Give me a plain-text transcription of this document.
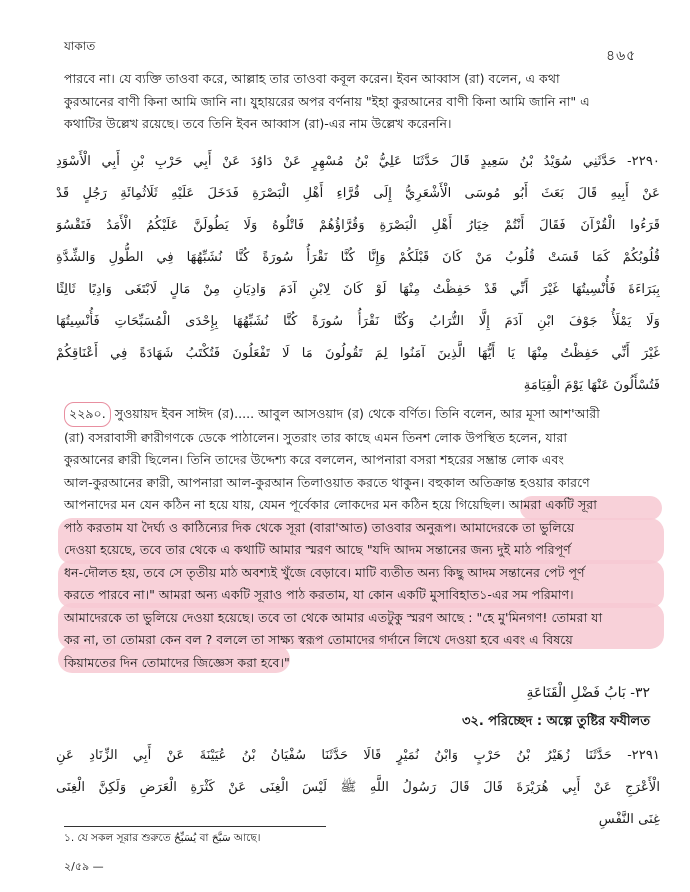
যাকাত
৪৬৫
পারবে না। যে ব্যক্তি তাওবা করে, আল্লাহ তার তাওবা কবূল করেন। ইবন আব্বাস (রা) বলেন, এ কথা
কুরআনের বাণী কিনা আমি জানি না। যুহায়রের অপর বর্ণনায় "ইহা কুরআনের বাণী কিনা আমি জানি না" এ
কথাটির উল্লেখ রয়েছে। তবে তিনি ইবন আব্বাস (রা)-এর নাম উল্লেখ করেননি।
٢٢٩٠- حَدَّثَنِي سُوَيْدُ بْنُ سَعِيدٍ قَالَ حَدَّثَنَا عَلِيُّ بْنُ مُسْهِرٍ عَنْ دَاوُدَ عَنْ أَبِي حَرْبِ بْنِ أَبِي الْأَسْوَدِ
عَنْ أَبِيهِ قَالَ بَعَثَ أَبُو مُوسَى الْأَشْعَرِيُّ إِلَى قُرَّاءِ أَهْلِ الْبَصْرَةِ فَدَخَلَ عَلَيْهِ ثَلَاثُمِائَةِ رَجُلٍ قَدْ
قَرَءُوا الْقُرْآنَ فَقَالَ أَنْتُمْ خِيَارُ أَهْلِ الْبَصْرَةِ وَقُرَّاؤُهُمْ فَاتْلُوهُ وَلَا يَطُولَنَّ عَلَيْكُمُ الْأَمَدُ فَتَقْسُوَ
قُلُوبُكُمْ كَمَا قَسَتْ قُلُوبُ مَنْ كَانَ قَبْلَكُمْ وَإِنَّا كُنَّا نَقْرَأُ سُورَةً كُنَّا نُشَبِّهُهَا فِي الطُّولِ وَالشِّدَّةِ
بِبَرَاءَةَ فَأُنْسِيتُهَا غَيْرَ أَنِّي قَدْ حَفِظْتُ مِنْهَا لَوْ كَانَ لِابْنِ آدَمَ وَادِيَانِ مِنْ مَالٍ لَابْتَغَى وَادِيًا ثَالِثًا
وَلَا يَمْلَأُ جَوْفَ ابْنِ آدَمَ إِلَّا التُّرَابُ وَكُنَّا نَقْرَأُ سُورَةً كُنَّا نُشَبِّهُهَا بِإِحْدَى الْمُسَبِّحَاتِ فَأُنْسِيتُهَا
غَيْرَ أَنِّي حَفِظْتُ مِنْهَا يَا أَيُّهَا الَّذِينَ آمَنُوا لِمَ تَقُولُونَ مَا لَا تَفْعَلُونَ فَتُكْتَبُ شَهَادَةً فِي أَعْنَاقِكُمْ
فَتُسْأَلُونَ عَنْهَا يَوْمَ الْقِيَامَةِ
২২৯০. সুওয়ায়দ ইবন সাঈদ (র)..... আবুল আসওয়াদ (র) থেকে বর্ণিত। তিনি বলেন, আর মূসা আশ'আরী
(রা) বসরাবাসী ক্বারীগণকে ডেকে পাঠালেন। সুতরাং তার কাছে এমন তিনশ লোক উপস্থিত হলেন, যারা
কুরআনের ক্বারী ছিলেন। তিনি তাদের উদ্দেশ্য করে বললেন, আপনারা বসরা শহরের সম্ভ্রান্ত লোক এবং
আল-কুরআনের ক্বারী, আপনারা আল-কুরআন তিলাওয়াত করতে থাকুন। বহুকাল অতিক্রান্ত হওয়ার কারণে
আপনাদের মন যেন কঠিন না হয়ে যায়, যেমন পূর্বেকার লোকদের মন কঠিন হয়ে গিয়েছিল। আমরা একটি সূরা
পাঠ করতাম যা দৈর্ঘ্য ও কাঠিন্যের দিক থেকে সূরা (বারা'আত) তাওবার অনুরূপ। আমাদেরকে তা ভুলিয়ে
দেওয়া হয়েছে, তবে তার থেকে এ কথাটি আমার স্মরণ আছে "যদি আদম সন্তানের জন্য দুই মাঠ পরিপূর্ণ
ধন-দৌলত হয়, তবে সে তৃতীয় মাঠ অবশ্যই খুঁজে বেড়াবে। মাটি ব্যতীত অন্য কিছু আদম সন্তানের পেট পূর্ণ
করতে পারবে না।" আমরা অন্য একটি সূরাও পাঠ করতাম, যা কোন একটি মুসাবিহাত১-এর সম পরিমাণ।
আমাদেরকে তা ভুলিয়ে দেওয়া হয়েছে। তবে তা থেকে আমার এতটুকু স্মরণ আছে : "হে মু'মিনগণ! তোমরা যা
কর না, তা তোমরা কেন বল ? বললে তা সাক্ষ্য স্বরূপ তোমাদের গর্দানে লিখে দেওয়া হবে এবং এ বিষয়ে
কিয়ামতের দিন তোমাদের জিজ্ঞেস করা হবে।"
٣٢- بَابُ فَضْلِ الْقَنَاعَةِ
৩২. পরিচ্ছেদ : অল্পে তুষ্টির ফযীলত
٢٢٩١- حَدَّثَنَا زُهَيْرُ بْنُ حَرْبٍ وَابْنُ نُمَيْرٍ قَالَا حَدَّثَنَا سُفْيَانُ بْنُ عُيَيْنَةَ عَنْ أَبِي الزِّنَادِ عَنِ
الْأَعْرَجِ عَنْ أَبِي هُرَيْرَةَ قَالَ قَالَ رَسُولُ اللَّهِ ﷺ لَيْسَ الْغِنَى عَنْ كَثْرَةِ الْعَرَضِ وَلَكِنَّ الْغِنَى
غِنَى النَّفْسِ
১. যে সকল সূরার শুরুতে يُسَبِّحُ বা سَبَّحَ আছে।
২/৫৯ —
